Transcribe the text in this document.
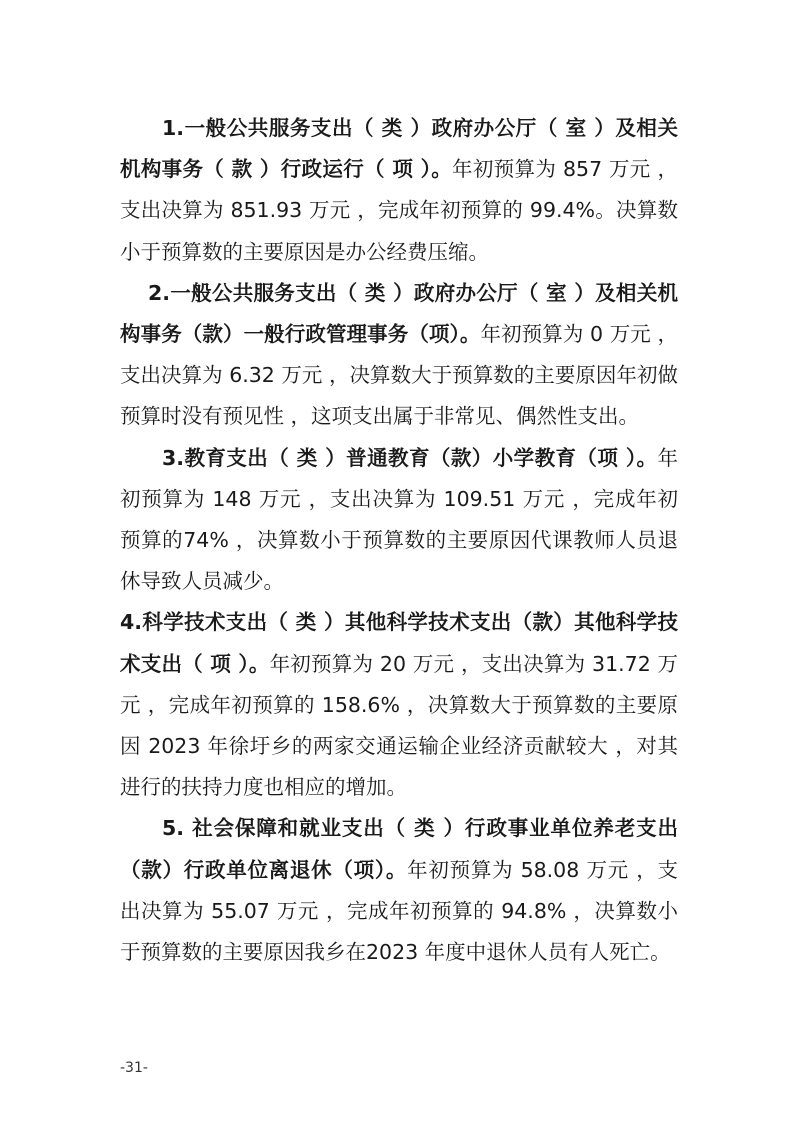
1.一般公共服务支出（ 类 ）政府办公厅（ 室 ）及相关机构事务（ 款 ）行政运行（ 项 ）。年初预算为 857 万元 ，支出决算为 851.93 万元 ，完成年初预算的 99.4%。决算数小于预算数的主要原因是办公经费压缩。

2.一般公共服务支出（ 类 ）政府办公厅（ 室 ）及相关机构事务（款）一般行政管理事务（项）。年初预算为 0 万元 ，支出决算为 6.32 万元 ，决算数大于预算数的主要原因年初做预算时没有预见性 ，这项支出属于非常见、偶然性支出。

3.教育支出（ 类 ）普通教育（款）小学教育（项 ）。年初预算为 148 万元 ，支出决算为 109.51 万元 ，完成年初预算的74% ，决算数小于预算数的主要原因代课教师人员退休导致人员减少。

4.科学技术支出（ 类 ）其他科学技术支出（款）其他科学技术支出（ 项 ）。年初预算为 20 万元 ，支出决算为 31.72 万元 ，完成年初预算的 158.6% ，决算数大于预算数的主要原因 2023 年徐圩乡的两家交通运输企业经济贡献较大 ，对其进行的扶持力度也相应的增加。

5. 社会保障和就业支出（ 类 ）行政事业单位养老支出（款）行政单位离退休（项）。年初预算为 58.08 万元 ，支出决算为 55.07 万元 ，完成年初预算的 94.8% ，决算数小于预算数的主要原因我乡在2023 年度中退休人员有人死亡。

-31-
